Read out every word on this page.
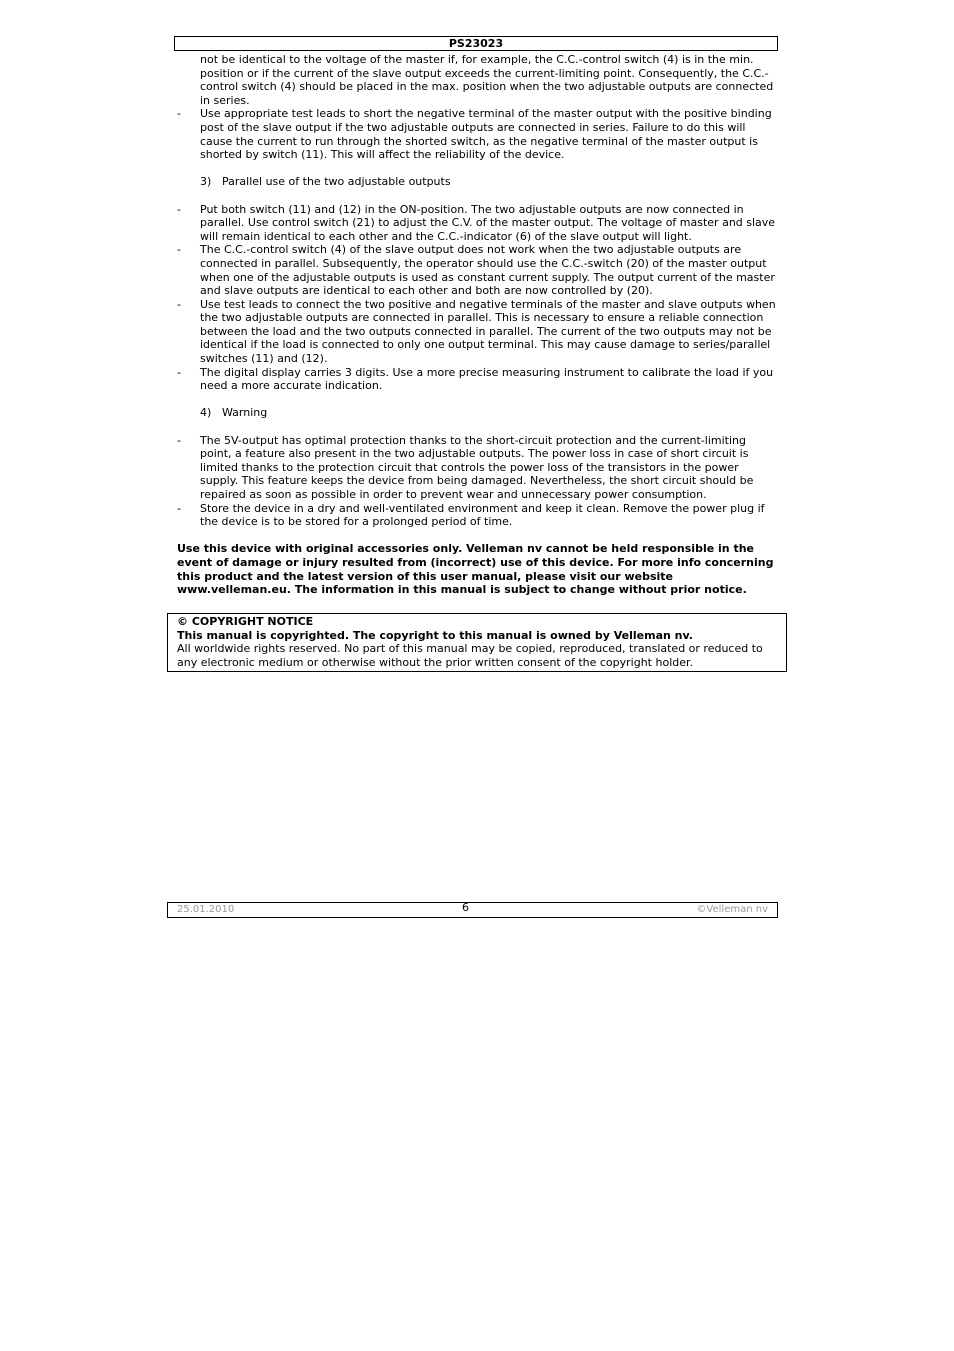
PS23023
not be identical to the voltage of the master if, for example, the C.C.-control switch (4) is in the min. position or if the current of the slave output exceeds the current-limiting point. Consequently, the C.C.-control switch (4) should be placed in the max. position when the two adjustable outputs are connected in series.
- Use appropriate test leads to short the negative terminal of the master output with the positive binding post of the slave output if the two adjustable outputs are connected in series. Failure to do this will cause the current to run through the shorted switch, as the negative terminal of the master output is shorted by switch (11). This will affect the reliability of the device.
3) Parallel use of the two adjustable outputs
- Put both switch (11) and (12) in the ON-position. The two adjustable outputs are now connected in parallel. Use control switch (21) to adjust the C.V. of the master output. The voltage of master and slave will remain identical to each other and the C.C.-indicator (6) of the slave output will light.
- The C.C.-control switch (4) of the slave output does not work when the two adjustable outputs are connected in parallel. Subsequently, the operator should use the C.C.-switch (20) of the master output when one of the adjustable outputs is used as constant current supply. The output current of the master and slave outputs are identical to each other and both are now controlled by (20).
- Use test leads to connect the two positive and negative terminals of the master and slave outputs when the two adjustable outputs are connected in parallel. This is necessary to ensure a reliable connection between the load and the two outputs connected in parallel. The current of the two outputs may not be identical if the load is connected to only one output terminal. This may cause damage to series/parallel switches (11) and (12).
- The digital display carries 3 digits. Use a more precise measuring instrument to calibrate the load if you need a more accurate indication.
4) Warning
- The 5V-output has optimal protection thanks to the short-circuit protection and the current-limiting point, a feature also present in the two adjustable outputs. The power loss in case of short circuit is limited thanks to the protection circuit that controls the power loss of the transistors in the power supply. This feature keeps the device from being damaged. Nevertheless, the short circuit should be repaired as soon as possible in order to prevent wear and unnecessary power consumption.
- Store the device in a dry and well-ventilated environment and keep it clean. Remove the power plug if the device is to be stored for a prolonged period of time.
Use this device with original accessories only. Velleman nv cannot be held responsible in the event of damage or injury resulted from (incorrect) use of this device. For more info concerning this product and the latest version of this user manual, please visit our website www.velleman.eu. The information in this manual is subject to change without prior notice.
© COPYRIGHT NOTICE
This manual is copyrighted. The copyright to this manual is owned by Velleman nv.
All worldwide rights reserved. No part of this manual may be copied, reproduced, translated or reduced to any electronic medium or otherwise without the prior written consent of the copyright holder.
25.01.2010	6	©Velleman nv
